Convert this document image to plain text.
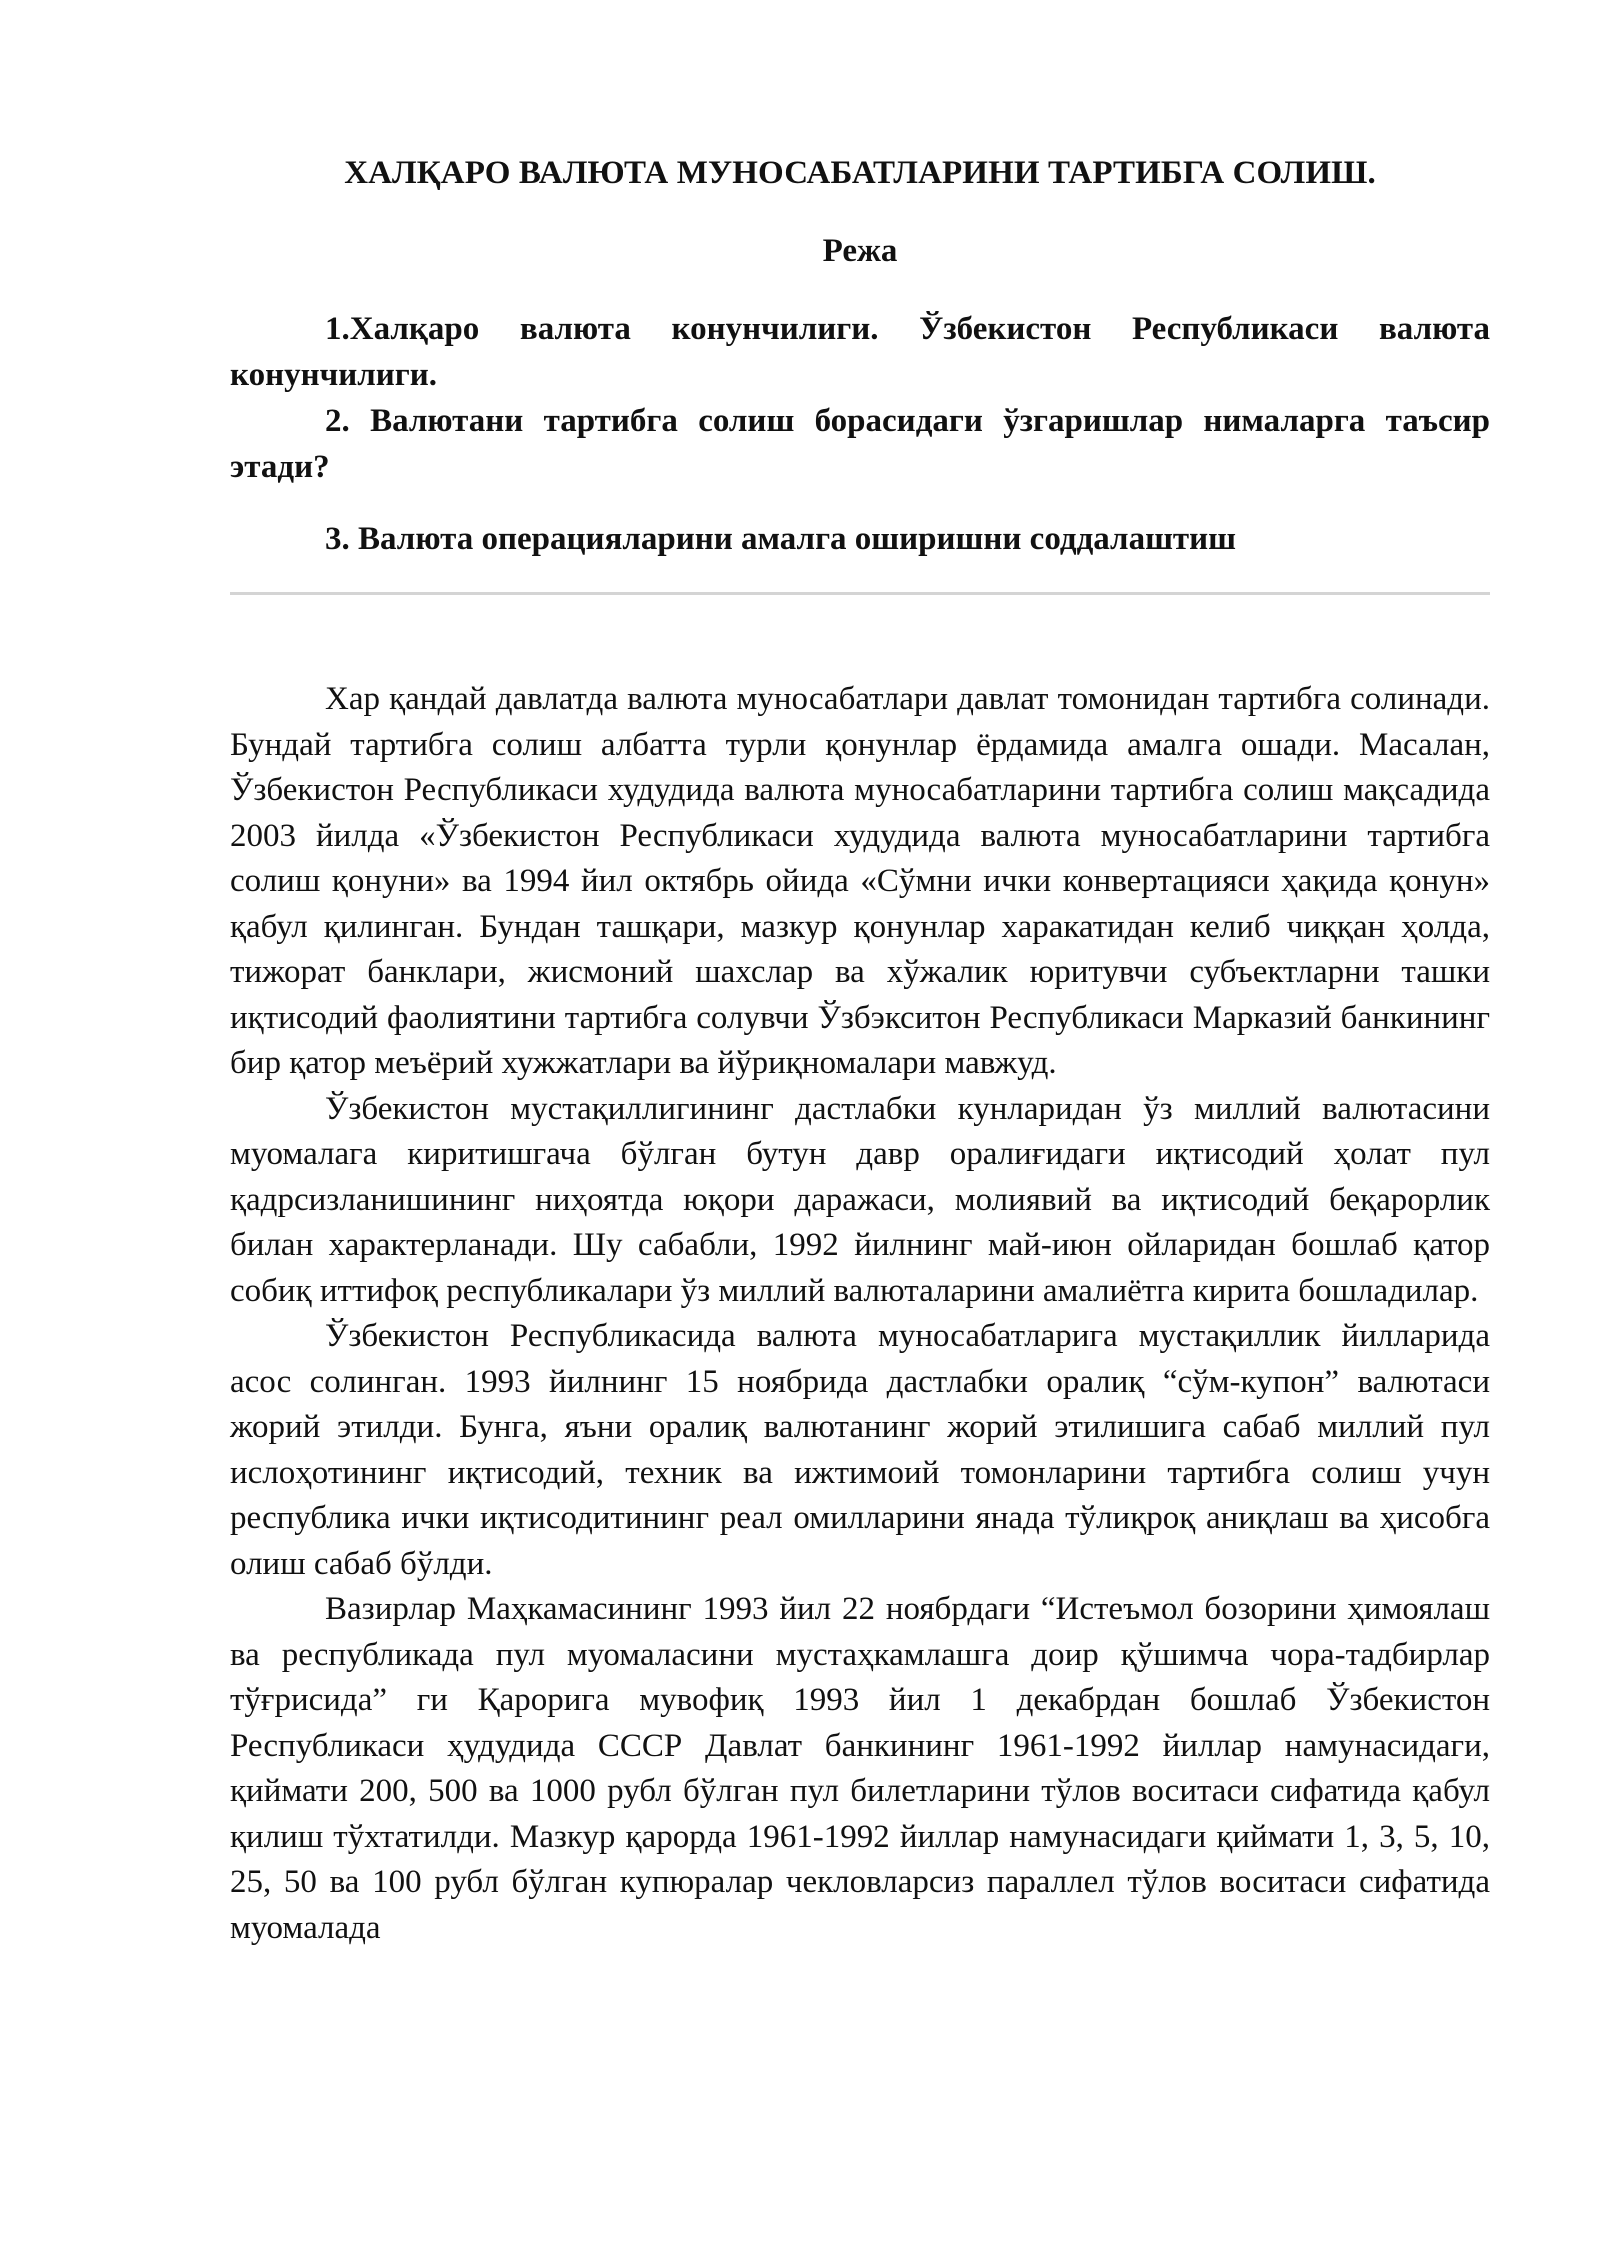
ХАЛҚАРО ВАЛЮТА МУНОСАБАТЛАРИНИ ТАРТИБГА СОЛИШ.
Режа

1.Халқаро валюта конунчилиги. Ўзбекистон Республикаси валюта конунчилиги.

2. Валютани тартибга солиш борасидаги ўзгаришлар нималарга таъсир этади?

3. Валюта операцияларини амалга оширишни соддалаштиш

Хар қандай давлатда валюта муносабатлари давлат томонидан тартибга солинади. Бундай тартибга солиш албатта турли қонунлар ёрдамида амалга ошади. Масалан, Ўзбекистон Республикаси худудида валюта муносабатларини тартибга солиш мақсадида 2003 йилда «Ўзбекистон Республикаси худудида валюта муносабатларини тартибга солиш қонуни» ва 1994 йил октябрь ойида «Сўмни ички конвертацияси ҳақида қонун» қабул қилинган. Бундан ташқари, мазкур қонунлар харакатидан келиб чиққан ҳолда, тижорат банклари, жисмоний шахслар ва хўжалик юритувчи субъектларни ташки иқтисодий фаолиятини тартибга солувчи Ўзбэкситон Республикаси Марказий банкининг бир қатор меъёрий хужжатлари ва йўриқномалари мавжуд.

Ўзбекистон мустақиллигининг дастлабки кунларидан ўз миллий валютасини муомалага киритишгача бўлган бутун давр оралиғидаги иқтисодий ҳолат пул қадрсизланишининг ниҳоятда юқори даражаси, молиявий ва иқтисодий беқарорлик билан характерланади. Шу сабабли, 1992 йилнинг май-июн ойларидан бошлаб қатор собиқ иттифоқ республикалари ўз миллий валюталарини амалиётга кирита бошладилар.

Ўзбекистон Республикасида валюта муносабатларига мустақиллик йилларида асос солинган. 1993 йилнинг 15 ноябрида дастлабки оралиқ “сўм-купон” валютаси жорий этилди. Бунга, яъни оралиқ валютанинг жорий этилишига сабаб миллий пул ислоҳотининг иқтисодий, техник ва ижтимоий томонларини тартибга солиш учун республика ички иқтисодитининг реал омилларини янада тўлиқроқ аниқлаш ва ҳисобга олиш сабаб бўлди.

Вазирлар Маҳкамасининг 1993 йил 22 ноябрдаги “Истеъмол бозорини ҳимоялаш ва республикада пул муомаласини мустаҳкамлашга доир қўшимча чора-тадбирлар тўғрисида” ги Қарорига мувофиқ 1993 йил 1 декабрдан бошлаб Ўзбекистон Республикаси ҳудудида СССР Давлат банкининг 1961-1992 йиллар намунасидаги, қиймати 200, 500 ва 1000 рубл бўлган пул билетларини тўлов воситаси сифатида қабул қилиш тўхтатилди. Мазкур қарорда 1961-1992 йиллар намунасидаги қиймати 1, 3, 5, 10, 25, 50 ва 100 рубл бўлган купюралар чекловларсиз параллел тўлов воситаси сифатида муомалада
